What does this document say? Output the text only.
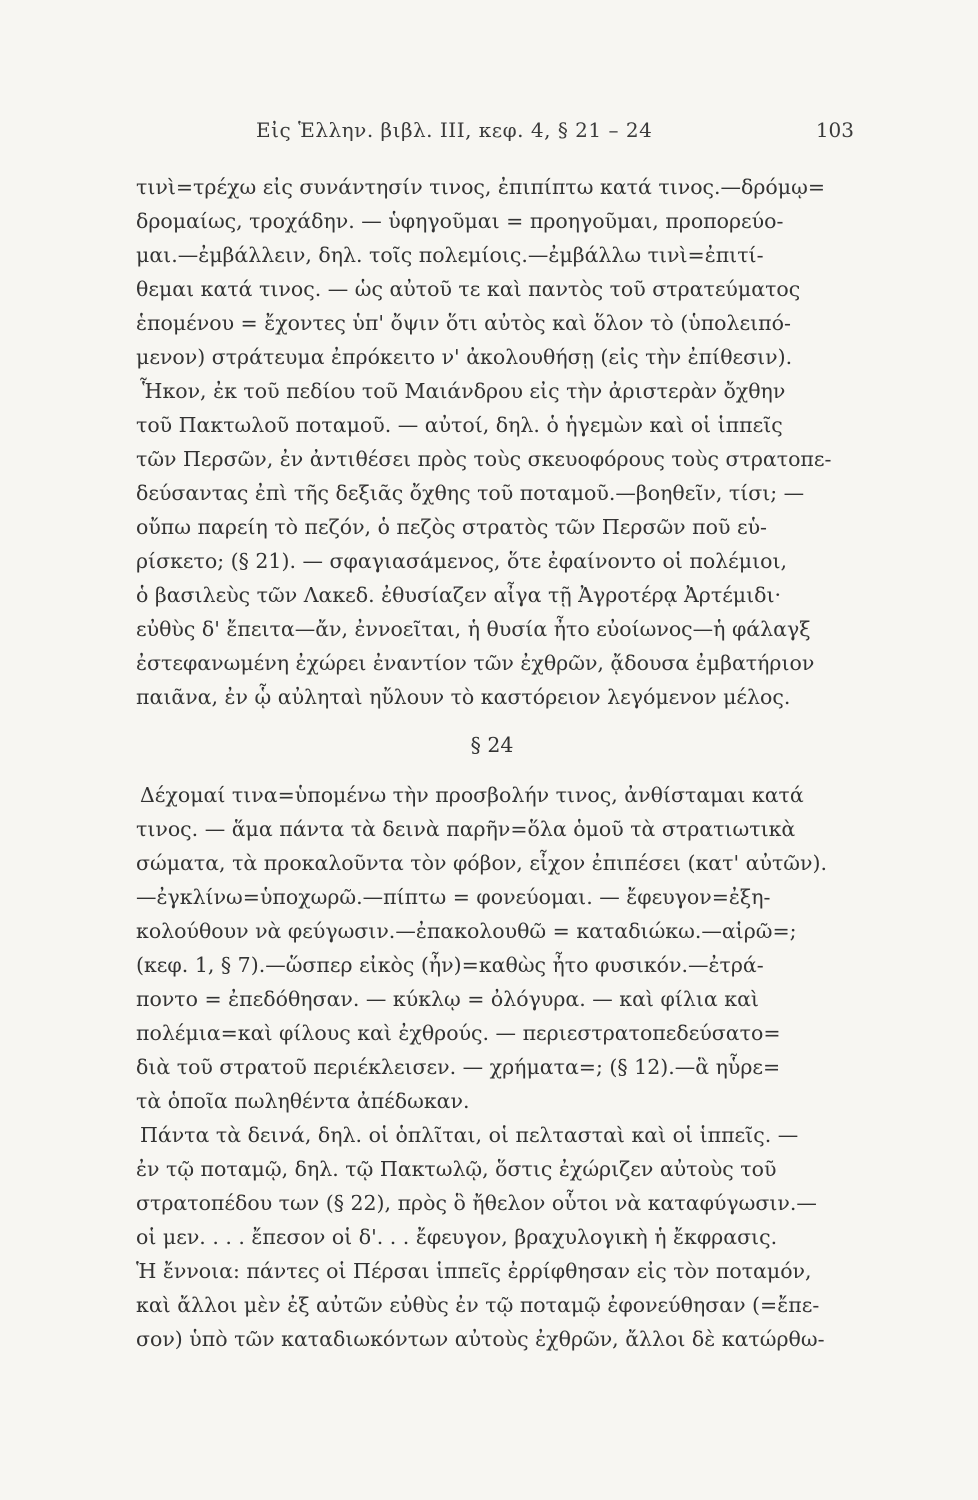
Εἰς Ἑλλην. βιβλ. ΙΙΙ, κεφ. 4, § 21 – 24	103
τινὶ=τρέχω εἰς συνάντησίν τινος, ἐπιπίπτω κατά τινος.—δρόμῳ=
δρομαίως, τροχάδην. — ὑφηγοῦμαι = προηγοῦμαι, προπορεύο-
μαι.—ἐμβάλλειν, δηλ. τοῖς πολεμίοις.—ἐμβάλλω τινὶ=ἐπιτί-
θεμαι κατά τινος. — ὡς αὐτοῦ τε καὶ παντὸς τοῦ στρατεύματος
ἑπομένου = ἔχοντες ὑπ' ὄψιν ὅτι αὐτὸς καὶ ὅλον τὸ (ὑπολειπό-
μενον) στράτευμα ἐπρόκειτο ν' ἀκολουθήσῃ (εἰς τὴν ἐπίθεσιν).
Ἧκον, ἐκ τοῦ πεδίου τοῦ Μαιάνδρου εἰς τὴν ἀριστερὰν ὄχθην
τοῦ Πακτωλοῦ ποταμοῦ. — αὐτοί, δηλ. ὁ ἡγεμὼν καὶ οἱ ἱππεῖς
τῶν Περσῶν, ἐν ἀντιθέσει πρὸς τοὺς σκευοφόρους τοὺς στρατοπε-
δεύσαντας ἐπὶ τῆς δεξιᾶς ὄχθης τοῦ ποταμοῦ.—βοηθεῖν, τίσι; —
οὔπω παρείη τὸ πεζόν, ὁ πεζὸς στρατὸς τῶν Περσῶν ποῦ εὑ-
ρίσκετο; (§ 21). — σφαγιασάμενος, ὅτε ἐφαίνοντο οἱ πολέμιοι,
ὁ βασιλεὺς τῶν Λακεδ. ἐθυσίαζεν αἶγα τῇ Ἀγροτέρᾳ Ἀρτέμιδι·
εὐθὺς δ' ἔπειτα—ἄν, ἐννοεῖται, ἡ θυσία ἦτο εὐοίωνος—ἡ φάλαγξ
ἐστεφανωμένη ἐχώρει ἐναντίον τῶν ἐχθρῶν, ᾄδουσα ἐμβατήριον
παιᾶνα, ἐν ᾧ αὐληταὶ ηὔλουν τὸ καστόρειον λεγόμενον μέλος.
§ 24
Δέχομαί τινα=ὑπομένω τὴν προσβολήν τινος, ἀνθίσταμαι κατά
τινος. — ἅμα πάντα τὰ δεινὰ παρῆν=ὅλα ὁμοῦ τὰ στρατιωτικὰ
σώματα, τὰ προκαλοῦντα τὸν φόβον, εἶχον ἐπιπέσει (κατ' αὐτῶν).
—ἐγκλίνω=ὑποχωρῶ.—πίπτω = φονεύομαι. — ἔφευγον=ἐξη-
κολούθουν νὰ φεύγωσιν.—ἐπακολουθῶ = καταδιώκω.—αἱρῶ=;
(κεφ. 1, § 7).—ὥσπερ εἰκὸς (ἦν)=καθὼς ἦτο φυσικόν.—ἐτρά-
ποντο = ἐπεδόθησαν. — κύκλῳ = ὀλόγυρα. — καὶ φίλια καὶ
πολέμια=καὶ φίλους καὶ ἐχθρούς. — περιεστρατοπεδεύσατο=
διὰ τοῦ στρατοῦ περιέκλεισεν. — χρήματα=; (§ 12).—ἃ ηὗρε=
τὰ ὁποῖα πωληθέντα ἀπέδωκαν.
Πάντα τὰ δεινά, δηλ. οἱ ὁπλῖται, οἱ πελτασταὶ καὶ οἱ ἱππεῖς. —
ἐν τῷ ποταμῷ, δηλ. τῷ Πακτωλῷ, ὅστις ἐχώριζεν αὐτοὺς τοῦ
στρατοπέδου των (§ 22), πρὸς ὃ ἤθελον οὗτοι νὰ καταφύγωσιν.—
οἱ μεν. . . . ἔπεσον οἱ δ'. . . ἔφευγον, βραχυλογικὴ ἡ ἔκφρασις.
Ἡ ἔννοια: πάντες οἱ Πέρσαι ἱππεῖς ἐρρίφθησαν εἰς τὸν ποταμόν,
καὶ ἄλλοι μὲν ἐξ αὐτῶν εὐθὺς ἐν τῷ ποταμῷ ἐφονεύθησαν (=ἔπε-
σον) ὑπὸ τῶν καταδιωκόντων αὐτοὺς ἐχθρῶν, ἄλλοι δὲ κατώρθω-
